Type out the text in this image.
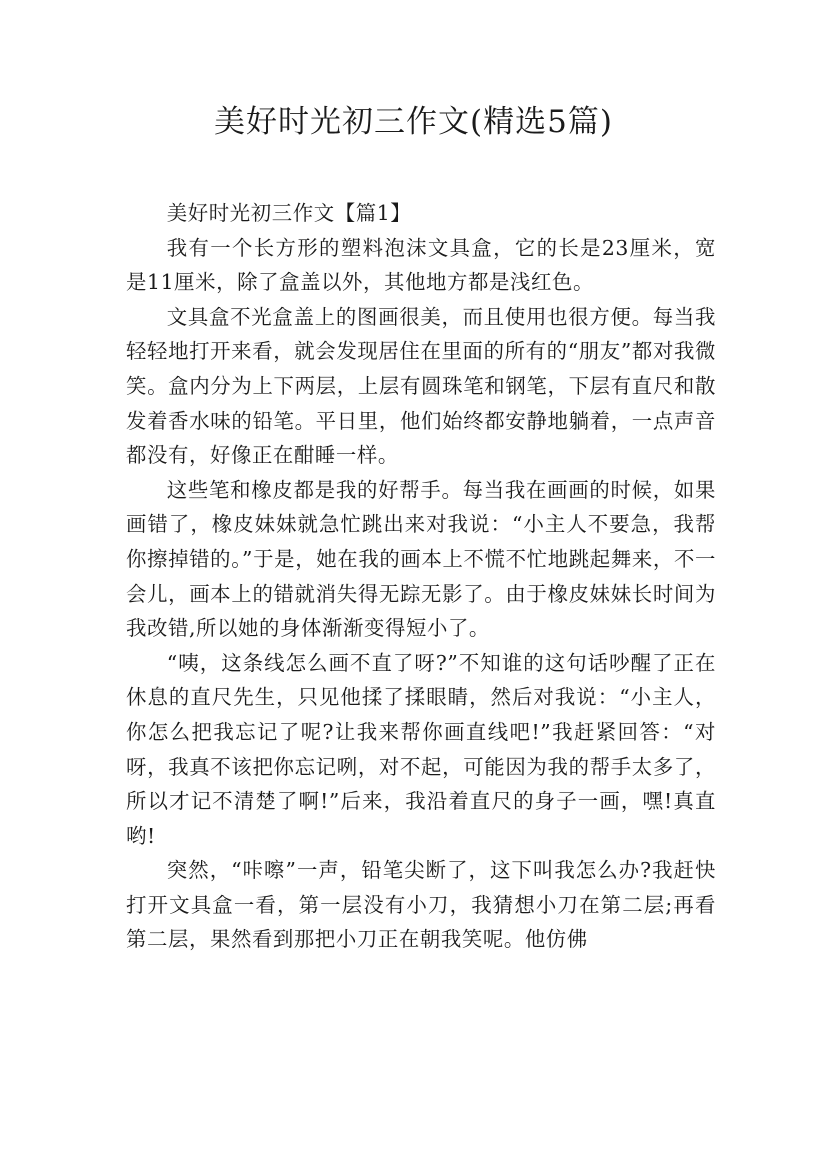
美好时光初三作文(精选5篇)

美好时光初三作文【篇1】

我有一个长方形的塑料泡沫文具盒，它的长是23厘米，宽是11厘米，除了盒盖以外，其他地方都是浅红色。

文具盒不光盒盖上的图画很美，而且使用也很方便。每当我轻轻地打开来看，就会发现居住在里面的所有的“朋友”都对我微笑。盒内分为上下两层，上层有圆珠笔和钢笔，下层有直尺和散发着香水味的铅笔。平日里，他们始终都安静地躺着，一点声音都没有，好像正在酣睡一样。

这些笔和橡皮都是我的好帮手。每当我在画画的时候，如果画错了，橡皮妹妹就急忙跳出来对我说：“小主人不要急，我帮你擦掉错的。”于是，她在我的画本上不慌不忙地跳起舞来，不一会儿，画本上的错就消失得无踪无影了。由于橡皮妹妹长时间为我改错,所以她的身体渐渐变得短小了。

“咦，这条线怎么画不直了呀?”不知谁的这句话吵醒了正在休息的直尺先生，只见他揉了揉眼睛，然后对我说：“小主人，你怎么把我忘记了呢?让我来帮你画直线吧!”我赶紧回答：“对呀，我真不该把你忘记咧，对不起，可能因为我的帮手太多了，所以才记不清楚了啊!”后来，我沿着直尺的身子一画，嘿!真直哟!

突然，“咔嚓”一声，铅笔尖断了，这下叫我怎么办?我赶快打开文具盒一看，第一层没有小刀，我猜想小刀在第二层;再看第二层，果然看到那把小刀正在朝我笑呢。他仿佛
